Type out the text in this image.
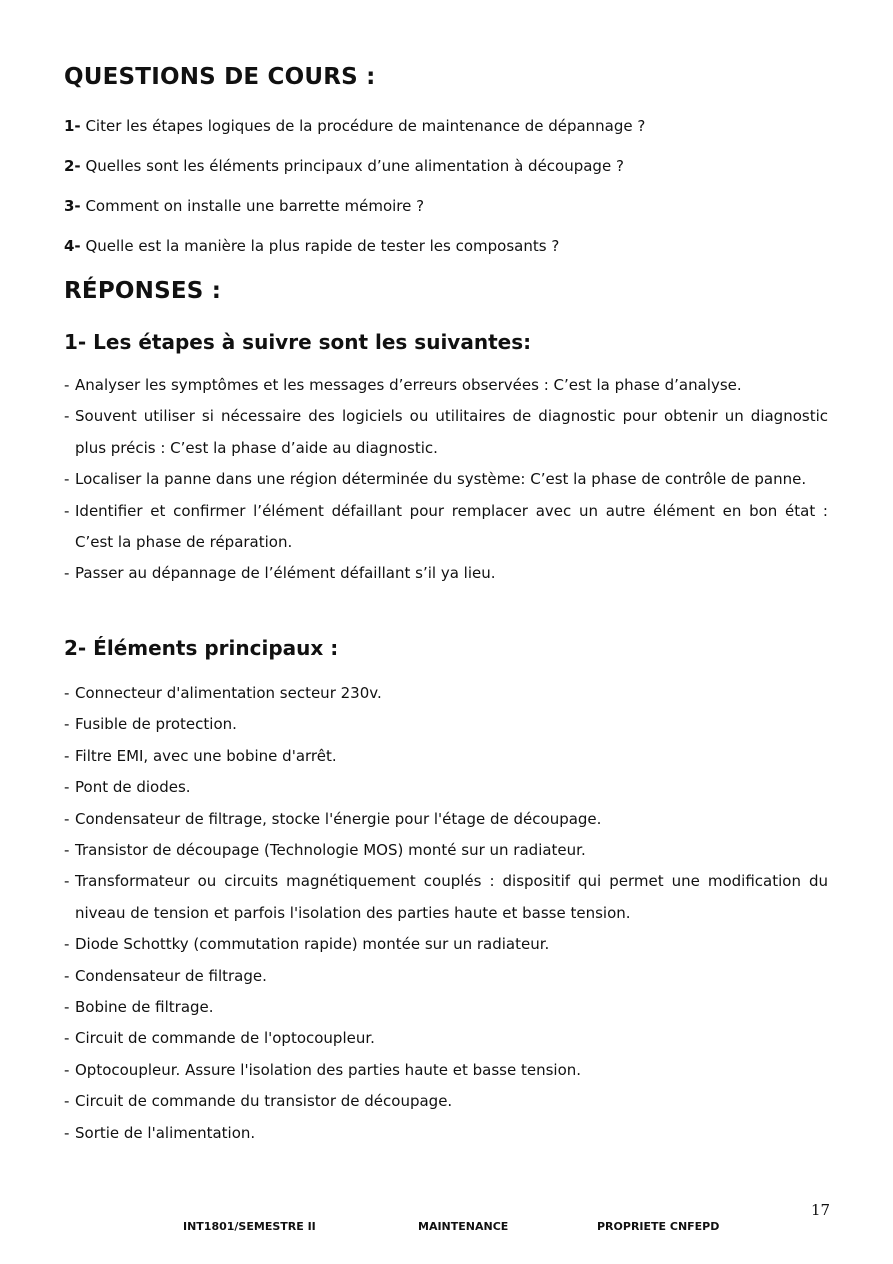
QUESTIONS DE COURS :
1- Citer les étapes logiques de la procédure de maintenance de dépannage ?
2- Quelles sont les éléments principaux d’une alimentation à découpage ?
3- Comment on installe une barrette mémoire ?
4- Quelle est la manière la plus rapide de tester les composants ?
RÉPONSES :
1- Les étapes à suivre sont les suivantes:
- Analyser les symptômes et les messages d’erreurs observées : C’est la phase d’analyse.
- Souvent utiliser si nécessaire des logiciels ou utilitaires de diagnostic pour obtenir un diagnostic plus précis : C’est la phase d’aide au diagnostic.
- Localiser la panne dans une région déterminée du système: C’est la phase de contrôle de panne.
- Identifier et confirmer l’élément défaillant pour remplacer avec un autre élément en bon état : C’est la phase de réparation.
- Passer au dépannage de l’élément défaillant s’il ya lieu.
2- Éléments principaux :
- Connecteur d'alimentation secteur 230v.
- Fusible de protection.
- Filtre EMI, avec une bobine d'arrêt.
- Pont de diodes.
- Condensateur de filtrage, stocke l'énergie pour l'étage de découpage.
- Transistor de découpage (Technologie MOS) monté sur un radiateur.
- Transformateur ou circuits magnétiquement couplés : dispositif qui permet une modification du niveau de tension et parfois l'isolation des parties haute et basse tension.
- Diode Schottky (commutation rapide) montée sur un radiateur.
- Condensateur de filtrage.
- Bobine de filtrage.
- Circuit de commande de l'optocoupleur.
- Optocoupleur. Assure l'isolation des parties haute et basse tension.
- Circuit de commande du transistor de découpage.
- Sortie de l'alimentation.
17
INT1801/SEMESTRE II	MAINTENANCE	PROPRIETE CNFEPD
